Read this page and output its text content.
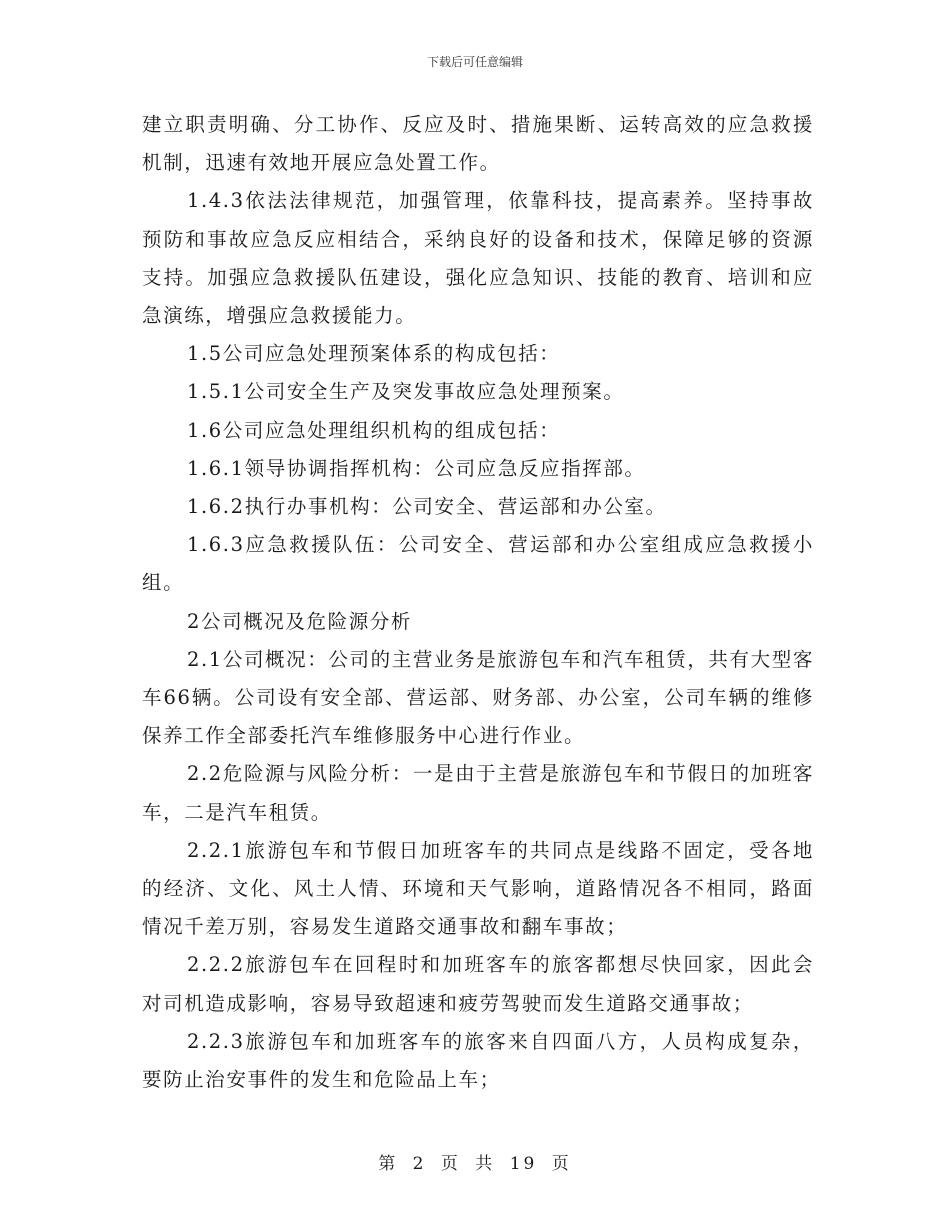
下载后可任意编辑

建立职责明确、分工协作、反应及时、措施果断、运转高效的应急救援机制，迅速有效地开展应急处置工作。

1.4.3依法法律规范，加强管理，依靠科技，提高素养。坚持事故预防和事故应急反应相结合，采纳良好的设备和技术，保障足够的资源支持。加强应急救援队伍建设，强化应急知识、技能的教育、培训和应急演练，增强应急救援能力。

1.5公司应急处理预案体系的构成包括：

1.5.1公司安全生产及突发事故应急处理预案。

1.6公司应急处理组织机构的组成包括：

1.6.1领导协调指挥机构：公司应急反应指挥部。

1.6.2执行办事机构：公司安全、营运部和办公室。

1.6.3应急救援队伍：公司安全、营运部和办公室组成应急救援小组。

2公司概况及危险源分析

2.1公司概况：公司的主营业务是旅游包车和汽车租赁，共有大型客车66辆。公司设有安全部、营运部、财务部、办公室，公司车辆的维修保养工作全部委托汽车维修服务中心进行作业。

2.2危险源与风险分析：一是由于主营是旅游包车和节假日的加班客车，二是汽车租赁。

2.2.1旅游包车和节假日加班客车的共同点是线路不固定，受各地的经济、文化、风土人情、环境和天气影响，道路情况各不相同，路面情况千差万别，容易发生道路交通事故和翻车事故；

2.2.2旅游包车在回程时和加班客车的旅客都想尽快回家，因此会对司机造成影响，容易导致超速和疲劳驾驶而发生道路交通事故；

2.2.3旅游包车和加班客车的旅客来自四面八方，人员构成复杂，要防止治安事件的发生和危险品上车；

第 2 页 共 19 页
